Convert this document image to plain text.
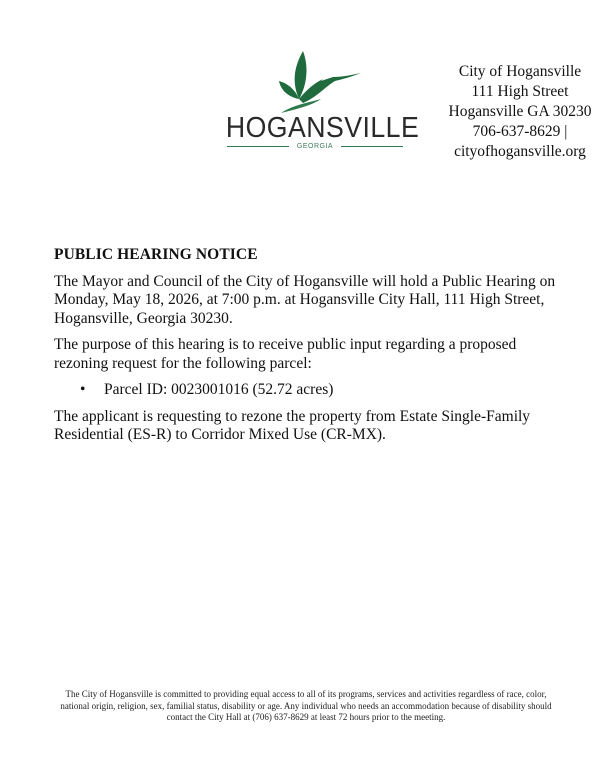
HOGANSVILLE
GEORGIA
City of Hogansville
111 High Street
Hogansville GA 30230
706-637-8629 |
cityofhogansville.org
PUBLIC HEARING NOTICE

The Mayor and Council of the City of Hogansville will hold a Public Hearing on Monday, May 18, 2026, at 7:00 p.m. at Hogansville City Hall, 111 High Street, Hogansville, Georgia 30230.

The purpose of this hearing is to receive public input regarding a proposed rezoning request for the following parcel:

• Parcel ID: 0023001016 (52.72 acres)

The applicant is requesting to rezone the property from Estate Single-Family Residential (ES-R) to Corridor Mixed Use (CR-MX).

The City of Hogansville is committed to providing equal access to all of its programs, services and activities regardless of race, color, national origin, religion, sex, familial status, disability or age. Any individual who needs an accommodation because of disability should contact the City Hall at (706) 637-8629 at least 72 hours prior to the meeting.
